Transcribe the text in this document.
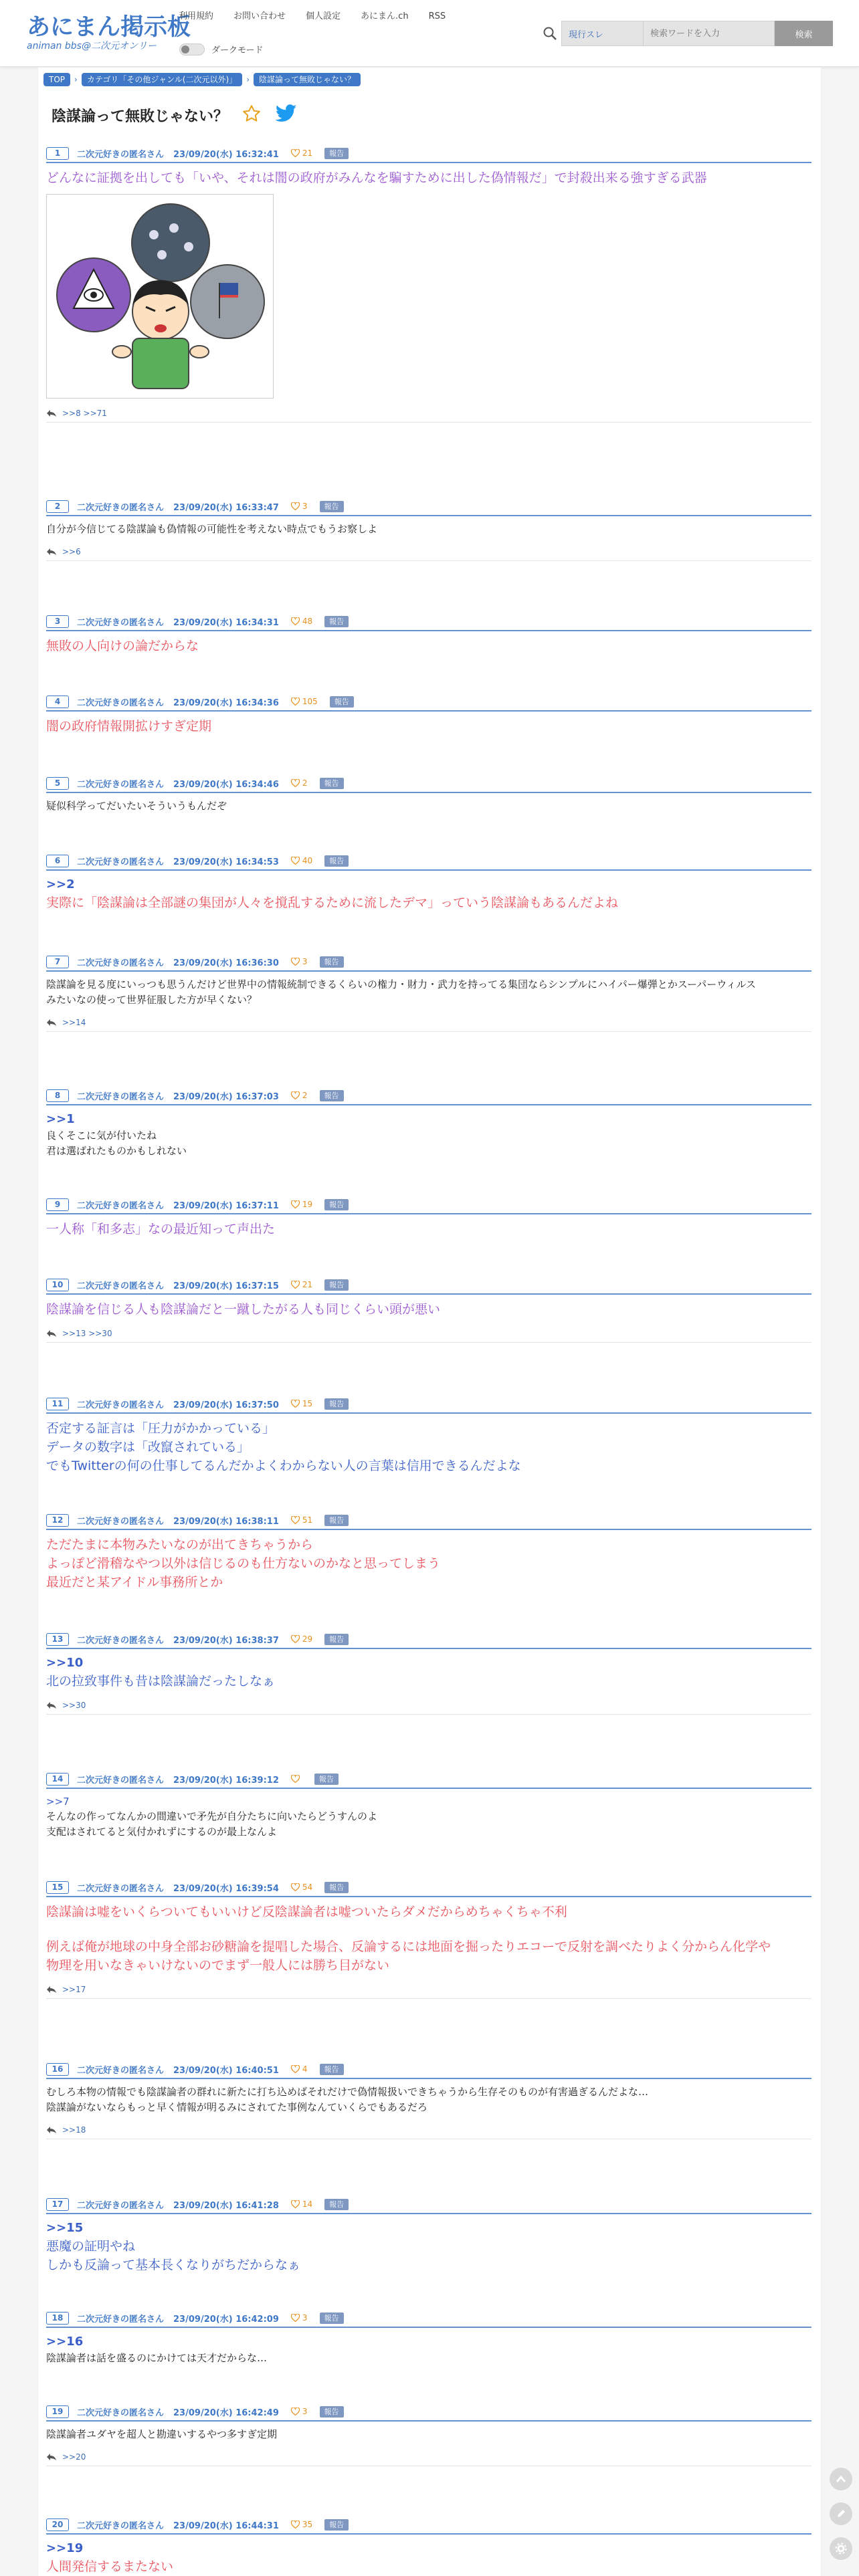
あにまん掲示板
animan bbs@二次元オンリー
利用規約 お問い合わせ 個人設定 あにまん.ch RSS
ダークモード
現行スレ
検索ワードを入力	検索
TOP	›	カテゴリ「その他ジャンル(二次元以外)」	›	陰謀論って無敗じゃない？
陰謀論って無敗じゃない？
1	二次元好きの匿名さん 23/09/20(水) 16:32:41	21	報告
どんなに証拠を出しても「いや、それは闇の政府がみんなを騙すために出した偽情報だ」で封殺出来る強すぎる武器
>>8 >>71
2	二次元好きの匿名さん 23/09/20(水) 16:33:47	3	報告
自分が今信じてる陰謀論も偽情報の可能性を考えない時点でもうお察しよ
>>6
3	二次元好きの匿名さん 23/09/20(水) 16:34:31	48	報告
無敗の人向けの論だからな
4	二次元好きの匿名さん 23/09/20(水) 16:34:36	105	報告
闇の政府情報開拡けすぎ定期
5	二次元好きの匿名さん 23/09/20(水) 16:34:46	2	報告
疑似科学ってだいたいそういうもんだぞ
6	二次元好きの匿名さん 23/09/20(水) 16:34:53	40	報告
>>2
実際に「陰謀論は全部謎の集団が人々を撹乱するために流したデマ」っていう陰謀論もあるんだよね
7	二次元好きの匿名さん 23/09/20(水) 16:36:30	3	報告
陰謀論を見る度にいっつも思うんだけど世界中の情報統制できるくらいの権力・財力・武力を持ってる集団ならシンプルにハイパー爆弾とかスーパーウィルス
みたいなの使って世界征服した方が早くない？
>>14
8	二次元好きの匿名さん 23/09/20(水) 16:37:03	2	報告
>>1
良くそこに気が付いたね
君は選ばれたものかもしれない
9	二次元好きの匿名さん 23/09/20(水) 16:37:11	19	報告
一人称「和多志」なの最近知って声出た
10	二次元好きの匿名さん 23/09/20(水) 16:37:15	21	報告
陰謀論を信じる人も陰謀論だと一蹴したがる人も同じくらい頭が悪い
>>13 >>30
11	二次元好きの匿名さん 23/09/20(水) 16:37:50	15	報告
否定する証言は「圧力がかかっている」
データの数字は「改竄されている」
でもTwitterの何の仕事してるんだかよくわからない人の言葉は信用できるんだよな
12	二次元好きの匿名さん 23/09/20(水) 16:38:11	51	報告
ただたまに本物みたいなのが出てきちゃうから
よっぽど滑稽なやつ以外は信じるのも仕方ないのかなと思ってしまう
最近だと某アイドル事務所とか
13	二次元好きの匿名さん 23/09/20(水) 16:38:37	29	報告
>>10
北の拉致事件も昔は陰謀論だったしなぁ
>>30
14	二次元好きの匿名さん 23/09/20(水) 16:39:12	報告
>>7
そんなの作ってなんかの間違いで矛先が自分たちに向いたらどうすんのよ
支配はされてると気付かれずにするのが最上なんよ
15	二次元好きの匿名さん 23/09/20(水) 16:39:54	54	報告
陰謀論は嘘をいくらついてもいいけど反陰謀論者は嘘ついたらダメだからめちゃくちゃ不利
例えば俺が地球の中身全部お砂糖論を提唱した場合、反論するには地面を掘ったりエコーで反射を調べたりよく分からん化学や
物理を用いなきゃいけないのでまず一般人には勝ち目がない
>>17
16	二次元好きの匿名さん 23/09/20(水) 16:40:51	4	報告
むしろ本物の情報でも陰謀論者の群れに新たに打ち込めばそれだけで偽情報扱いできちゃうから生存そのものが有害過ぎるんだよな…
陰謀論がないならもっと早く情報が明るみにされてた事例なんていくらでもあるだろ
>>18
17	二次元好きの匿名さん 23/09/20(水) 16:41:28	14	報告
>>15
悪魔の証明やね
しかも反論って基本長くなりがちだからなぁ
18	二次元好きの匿名さん 23/09/20(水) 16:42:09	3	報告
>>16
陰謀論者は話を盛るのにかけては天才だからな…
19	二次元好きの匿名さん 23/09/20(水) 16:42:49	3	報告
陰謀論者ユダヤを超人と勘違いするやつ多すぎ定期
>>20
20	二次元好きの匿名さん 23/09/20(水) 16:44:31	35	報告
>>19
人間発信するまたない
